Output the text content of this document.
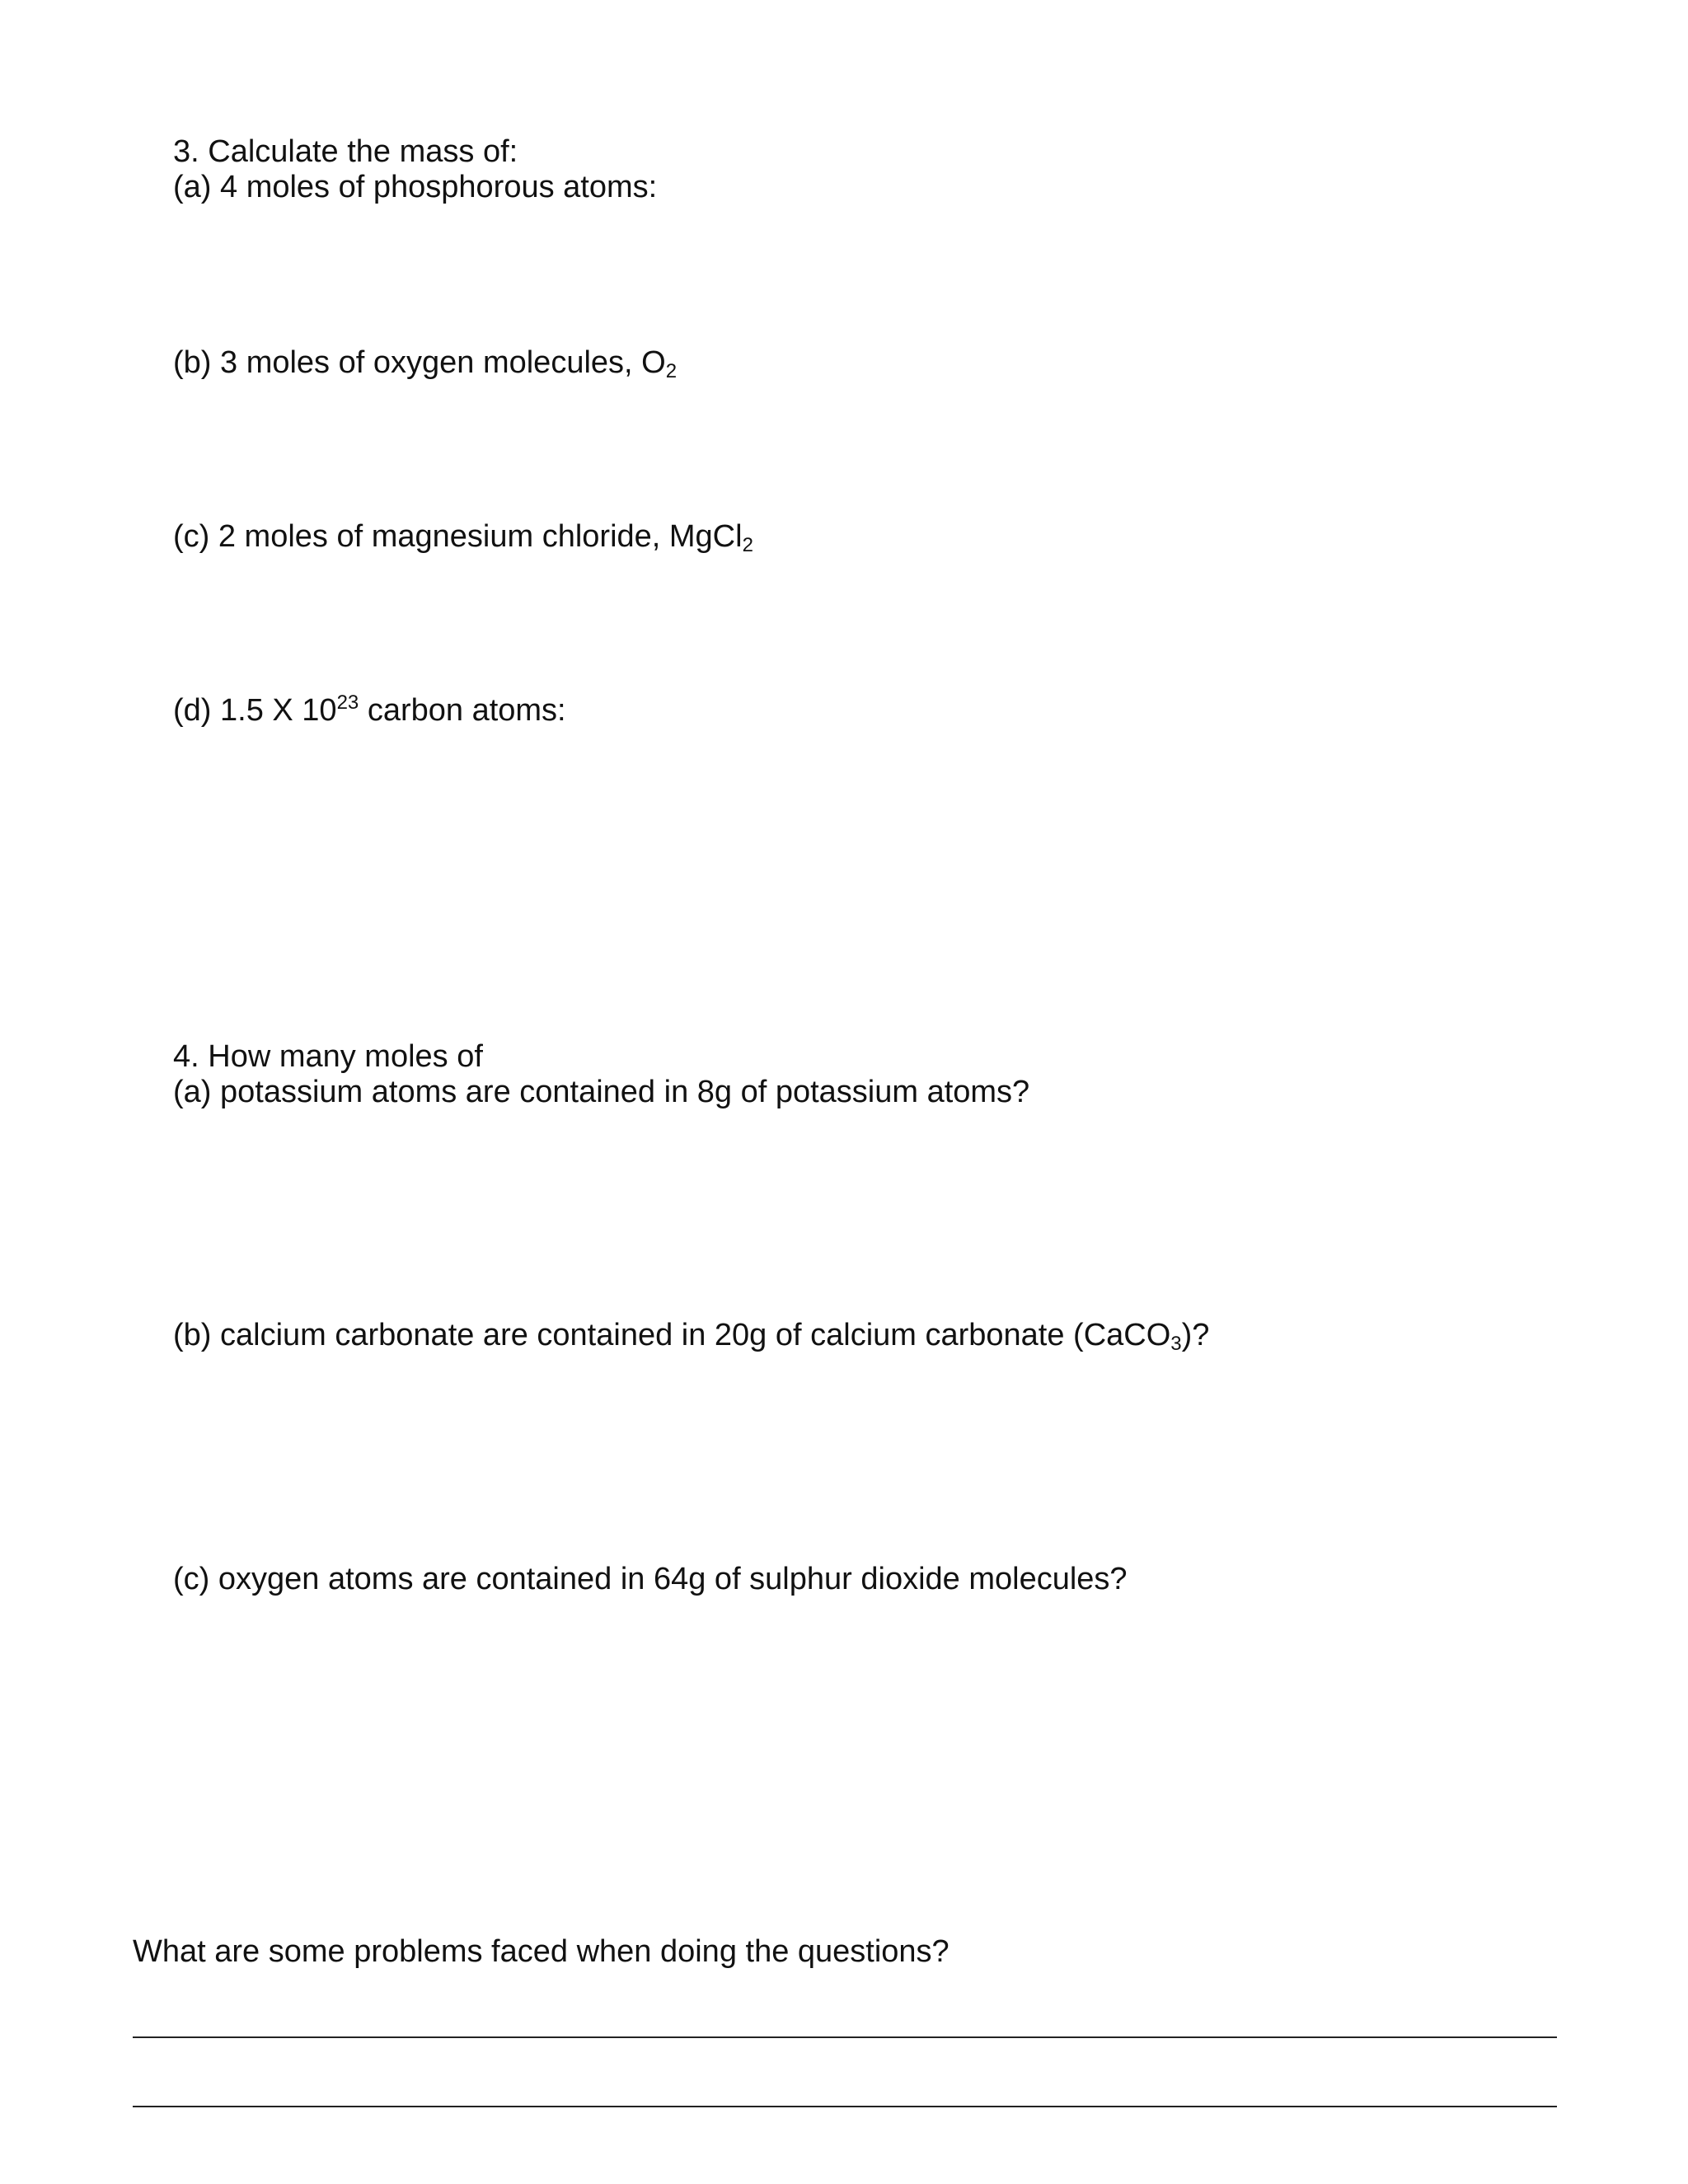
3. Calculate the mass of:
(a) 4 moles of phosphorous atoms:
(b) 3 moles of oxygen molecules, $O_2$
(c) 2 moles of magnesium chloride, MgCl$_2$
(d) 1.5 X $10^{23}$ carbon atoms:
4. How many moles of
(a) potassium atoms are contained in 8g of potassium atoms?
(b) calcium carbonate are contained in 20g of calcium carbonate (CaCO$_3$)?
(c) oxygen atoms are contained in 64g of sulphur dioxide molecules?
What are some problems faced when doing the questions?
